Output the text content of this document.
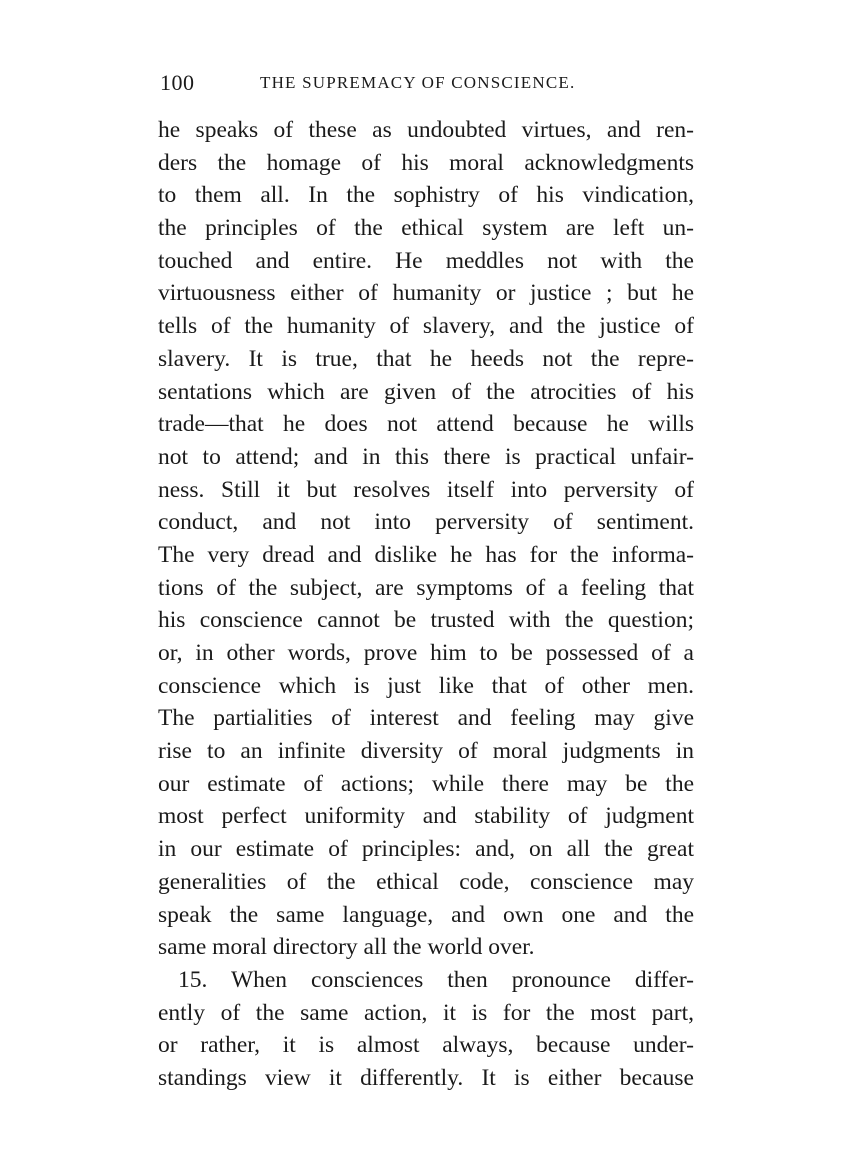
100	THE SUPREMACY OF CONSCIENCE.
he speaks of these as undoubted virtues, and ren-
ders the homage of his moral acknowledgments
to them all. In the sophistry of his vindication,
the principles of the ethical system are left un-
touched and entire. He meddles not with the
virtuousness either of humanity or justice ; but he
tells of the humanity of slavery, and the justice of
slavery. It is true, that he heeds not the repre-
sentations which are given of the atrocities of his
trade—that he does not attend because he wills
not to attend; and in this there is practical unfair-
ness. Still it but resolves itself into perversity of
conduct, and not into perversity of sentiment.
The very dread and dislike he has for the informa-
tions of the subject, are symptoms of a feeling that
his conscience cannot be trusted with the question;
or, in other words, prove him to be possessed of a
conscience which is just like that of other men.
The partialities of interest and feeling may give
rise to an infinite diversity of moral judgments in
our estimate of actions; while there may be the
most perfect uniformity and stability of judgment
in our estimate of principles: and, on all the great
generalities of the ethical code, conscience may
speak the same language, and own one and the
same moral directory all the world over.
15. When consciences then pronounce differ-
ently of the same action, it is for the most part,
or rather, it is almost always, because under-
standings view it differently. It is either because
